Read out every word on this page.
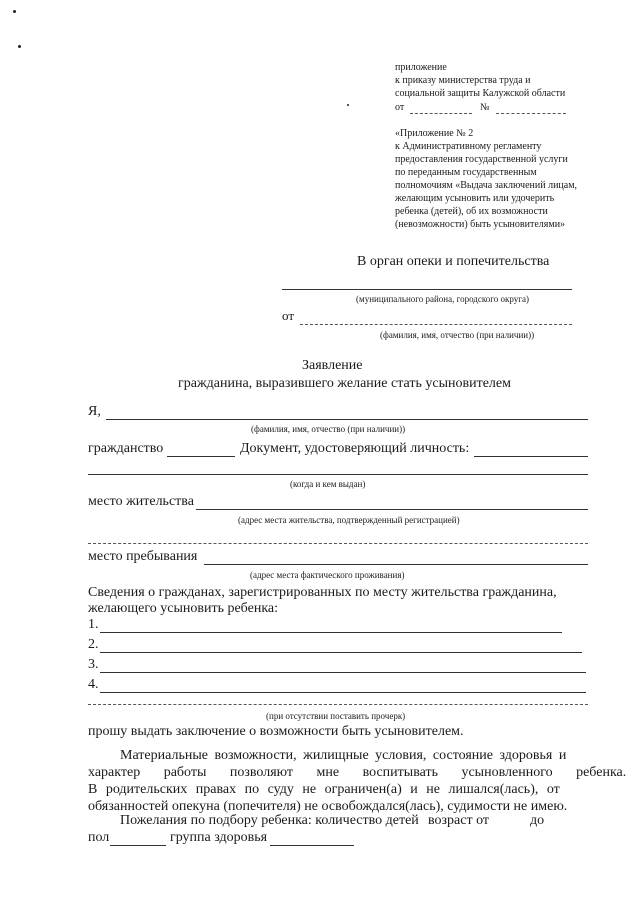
приложение
к приказу министерства труда и
социальной защиты Калужской области
от	№
«Приложение № 2
к Административному регламенту
предоставления государственной услуги
по переданным государственным
полномочиям «Выдача заключений лицам,
желающим усыновить или удочерить
ребенка (детей), об их возможности
(невозможности) быть усыновителями»
В орган опеки и попечительства
(муниципального района, городского округа)
от
(фамилия, имя, отчество (при наличии))
Заявление
гражданина, выразившего желание стать усыновителем
Я,
(фамилия, имя, отчество (при наличии))
гражданство	Документ, удостоверяющий личность:
(когда и кем выдан)
место жительства
(адрес места жительства, подтвержденный регистрацией)
место пребывания
(адрес места фактического проживания)
Сведения о гражданах, зарегистрированных по месту жительства гражданина,
желающего усыновить ребенка:
1.
2.
3.
4.
(при отсутствии поставить прочерк)
прошу выдать заключение о возможности быть усыновителем.
Материальные возможности, жилищные условия, состояние здоровья и
характер работы позволяют мне воспитывать усыновленного ребенка.
В родительских правах по суду не ограничен(а) и не лишался(лась), от
обязанностей опекуна (попечителя) не освобождался(лась), судимости не имею.
Пожелания по подбору ребенка: количество детей возраст от	до
пол	группа здоровья
